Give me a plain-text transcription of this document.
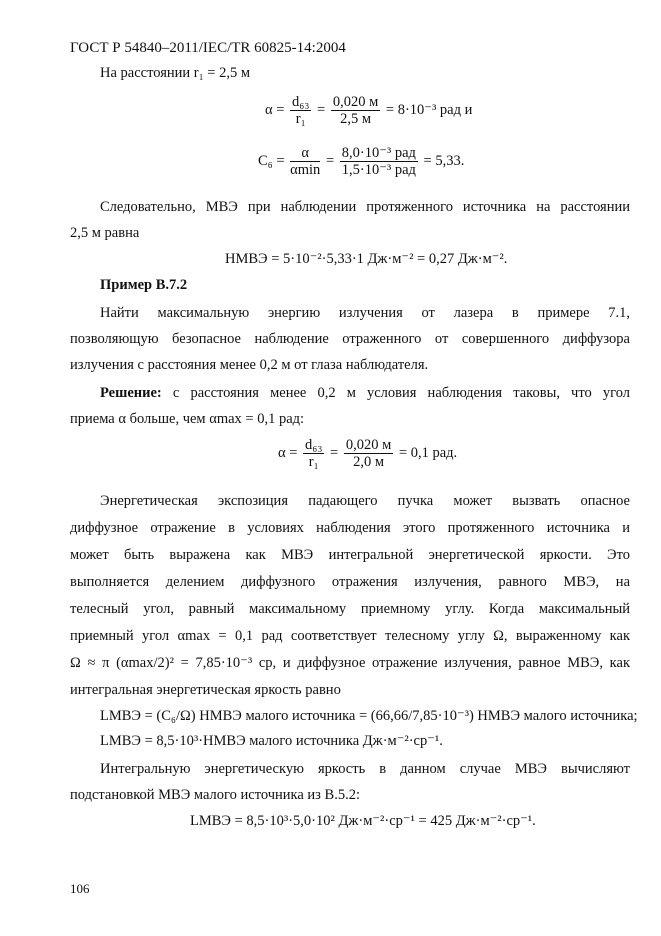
ГОСТ Р 54840–2011/IEC/TR 60825-14:2004
На расстоянии r₁ = 2,5 м
$\alpha = \frac{\text{d₆₃}}{\text{r₁}} = \frac{0,020 м}{2,5 м} = 8\cdot 10^{-3}$ рад и
$C_6 = \frac{\alpha}{\alpha\min} = \frac{\text{8,0·10⁻³ рад}}{\text{1,5·10⁻³ рад}} = 5,33$.
Следовательно, МВЭ при наблюдении протяженного источника на расстоянии
2,5 м равна
HМВЭ = 5·10⁻²·5,33·1 Дж·м⁻² = 0,27 Дж·м⁻².
Пример В.7.2
Найти максимальную энергию излучения от лазера в примере 7.1,
позволяющую безопасное наблюдение отраженного от совершенного диффузора
излучения с расстояния менее 0,2 м от глаза наблюдателя.
Решение: с расстояния менее 0,2 м условия наблюдения таковы, что угол
приема α больше, чем αmax = 0,1 рад:
$\alpha = \frac{\text{d₆₃}}{\text{r₁}} = \frac{0,020 м}{2,0 м} = 0,1$ рад.
Энергетическая экспозиция падающего пучка может вызвать опасное
диффузное отражение в условиях наблюдения этого протяженного источника и
может быть выражена как МВЭ интегральной энергетической яркости. Это
выполняется делением диффузного отражения излучения, равного МВЭ, на
телесный угол, равный максимальному приемному углу. Когда максимальный
приемный угол αmax = 0,1 рад соответствует телесному углу Ω, выраженному как
Ω ≈ π (αmax/2)² = 7,85·10⁻³ ср, и диффузное отражение излучения, равное МВЭ, как
интегральная энергетическая яркость равно
LМВЭ = (C₆/Ω) HМВЭ малого источника = (66,66/7,85·10⁻³) HМВЭ малого источника;
LМВЭ = 8,5·10³·HМВЭ малого источника Дж·м⁻²·ср⁻¹.
Интегральную энергетическую яркость в данном случае МВЭ вычисляют
подстановкой МВЭ малого источника из В.5.2:
LМВЭ = 8,5·10³·5,0·10² Дж·м⁻²·ср⁻¹ = 425 Дж·м⁻²·ср⁻¹.
106
